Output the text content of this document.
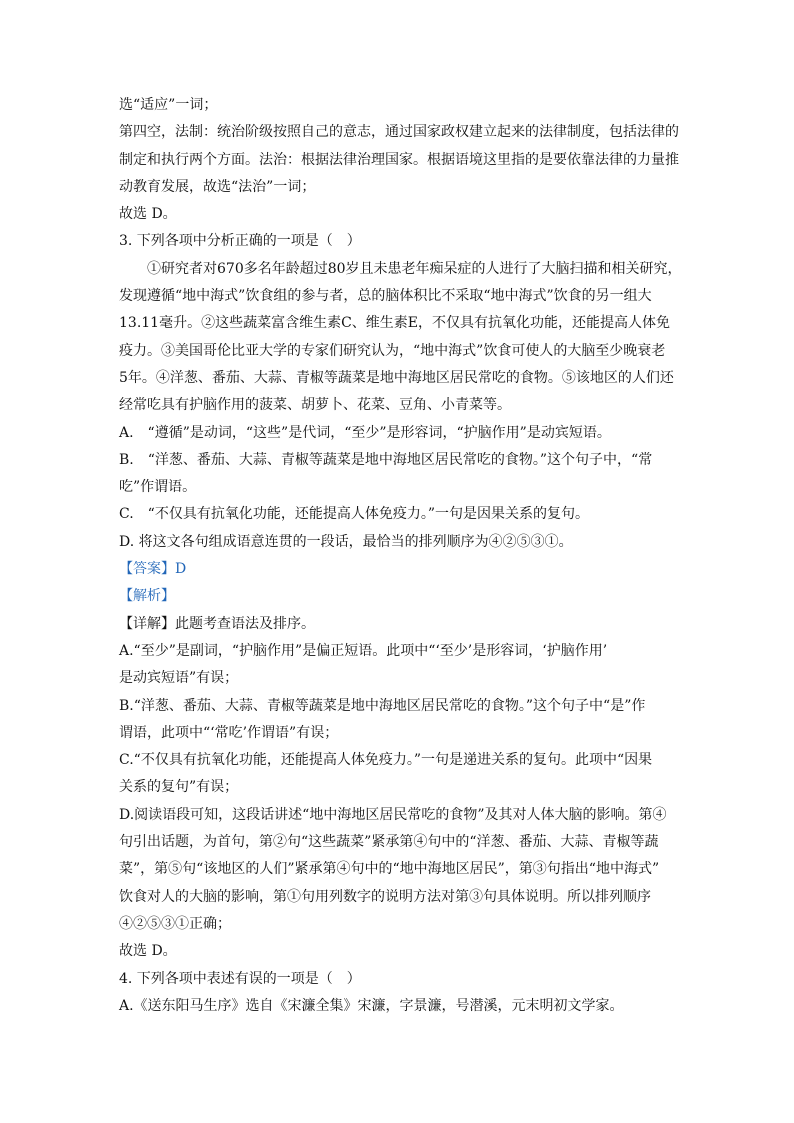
选“适应”一词；
第四空，法制：统治阶级按照自己的意志，通过国家政权建立起来的法律制度，包括法律的
制定和执行两个方面。法治：根据法律治理国家。根据语境这里指的是要依靠法律的力量推
动教育发展，故选“法治”一词；
故选 D。
3. 下列各项中分析正确的一项是（　）
①研究者对670多名年龄超过80岁且未患老年痴呆症的人进行了大脑扫描和相关研究，
发现遵循“地中海式”饮食组的参与者，总的脑体积比不采取“地中海式”饮食的另一组大
13.11毫升。②这些蔬菜富含维生素C、维生素E，不仅具有抗氧化功能，还能提高人体免
疫力。③美国哥伦比亚大学的专家们研究认为，“地中海式”饮食可使人的大脑至少晚衰老
5年。④洋葱、番茄、大蒜、青椒等蔬菜是地中海地区居民常吃的食物。⑤该地区的人们还
经常吃具有护脑作用的菠菜、胡萝卜、花菜、豆角、小青菜等。
A.　“遵循”是动词，“这些”是代词，“至少”是形容词，“护脑作用”是动宾短语。
B.　“洋葱、番茄、大蒜、青椒等蔬菜是地中海地区居民常吃的食物。”这个句子中，“常
吃”作谓语。
C.　“不仅具有抗氧化功能，还能提高人体免疫力。”一句是因果关系的复句。
D. 将这文各句组成语意连贯的一段话，最恰当的排列顺序为④②⑤③①。
【答案】D
【解析】
【详解】此题考查语法及排序。
A.“至少”是副词，“护脑作用”是偏正短语。此项中“‘至少’是形容词，‘护脑作用’
是动宾短语”有误；
B.“洋葱、番茄、大蒜、青椒等蔬菜是地中海地区居民常吃的食物。”这个句子中“是”作
谓语，此项中“‘常吃’作谓语”有误；
C.“不仅具有抗氧化功能，还能提高人体免疫力。”一句是递进关系的复句。此项中“因果
关系的复句”有误；
D.阅读语段可知，这段话讲述“地中海地区居民常吃的食物”及其对人体大脑的影响。第④
句引出话题，为首句，第②句“这些蔬菜”紧承第④句中的“洋葱、番茄、大蒜、青椒等蔬
菜”，第⑤句“该地区的人们”紧承第④句中的“地中海地区居民”，第③句指出“地中海式”
饮食对人的大脑的影响，第①句用列数字的说明方法对第③句具体说明。所以排列顺序
④②⑤③①正确；
故选 D。
4. 下列各项中表述有误的一项是（　）
A.《送东阳马生序》选自《宋濂全集》宋濂，字景濂，号潜溪，元末明初文学家。
